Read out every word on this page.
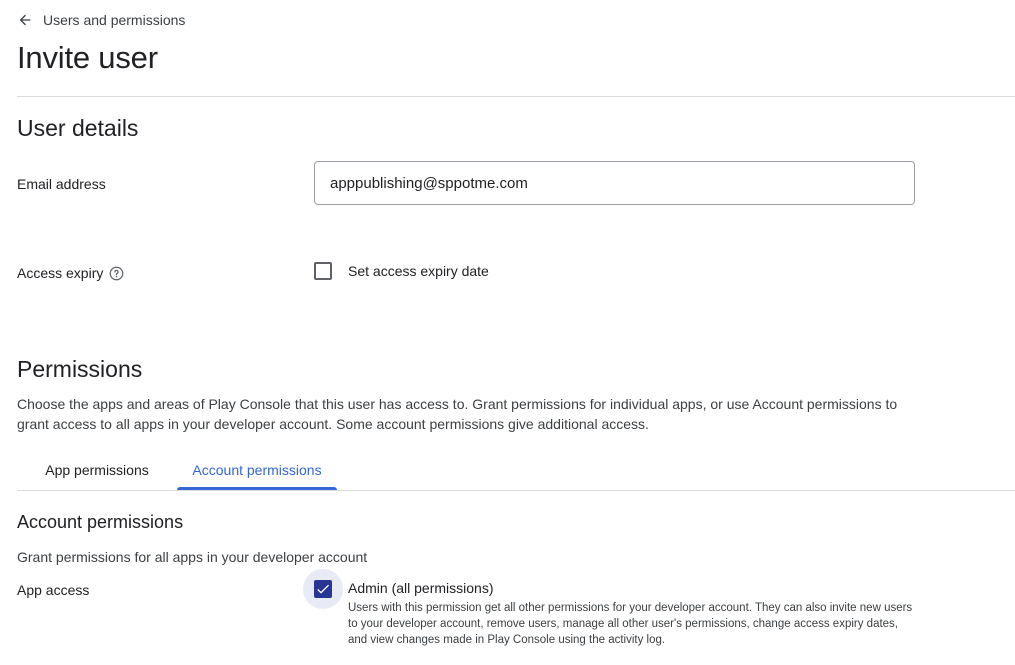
Users and permissions
Invite user
User details
Email address
apppublishing@sppotme.com
Access expiry	Set access expiry date
Permissions
Choose the apps and areas of Play Console that this user has access to. Grant permissions for individual apps, or use Account permissions to grant access to all apps in your developer account. Some account permissions give additional access.
App permissions	Account permissions
Account permissions
Grant permissions for all apps in your developer account
App access	Admin (all permissions)
Users with this permission get all other permissions for your developer account. They can also invite new users to your developer account, remove users, manage all other user's permissions, change access expiry dates, and view changes made in Play Console using the activity log.
